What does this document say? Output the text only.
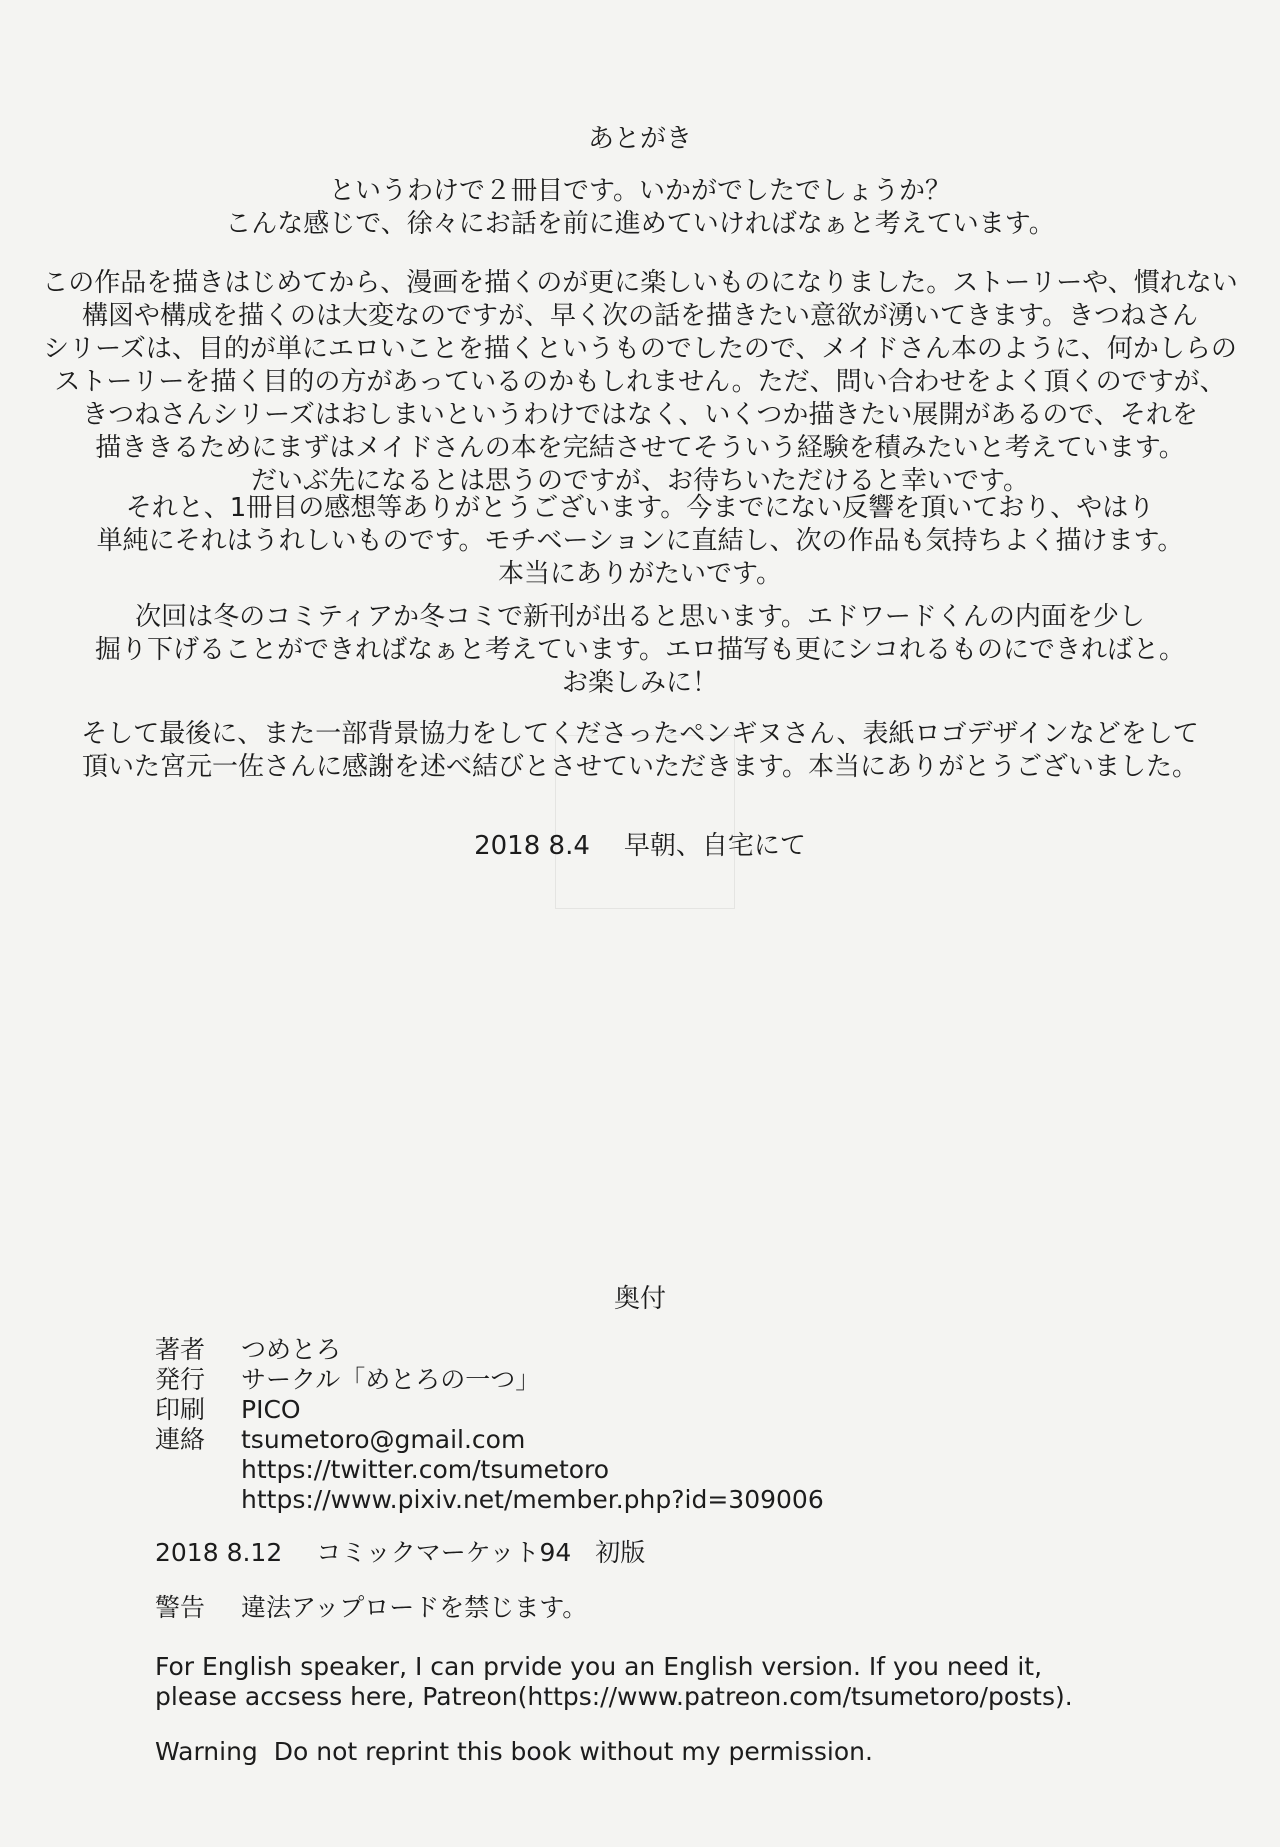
あとがき
というわけで２冊目です。いかがでしたでしょうか？
こんな感じで、徐々にお話を前に進めていければなぁと考えています。
この作品を描きはじめてから、漫画を描くのが更に楽しいものになりました。ストーリーや、慣れない
構図や構成を描くのは大変なのですが、早く次の話を描きたい意欲が湧いてきます。きつねさん
シリーズは、目的が単にエロいことを描くというものでしたので、メイドさん本のように、何かしらの
ストーリーを描く目的の方があっているのかもしれません。ただ、問い合わせをよく頂くのですが、
きつねさんシリーズはおしまいというわけではなく、いくつか描きたい展開があるので、それを
描ききるためにまずはメイドさんの本を完結させてそういう経験を積みたいと考えています。
だいぶ先になるとは思うのですが、お待ちいただけると幸いです。
それと、1冊目の感想等ありがとうございます。今までにない反響を頂いており、やはり
単純にそれはうれしいものです。モチベーションに直結し、次の作品も気持ちよく描けます。
本当にありがたいです。
次回は冬のコミティアか冬コミで新刊が出ると思います。エドワードくんの内面を少し
掘り下げることができればなぁと考えています。エロ描写も更にシコれるものにできればと。
お楽しみに！
そして最後に、また一部背景協力をしてくださったペンギヌさん、表紙ロゴデザインなどをして
頂いた宮元一佐さんに感謝を述べ結びとさせていただきます。本当にありがとうございました。
2018 8.4 早朝、自宅にて
奥付
著者	つめとろ
発行	サークル「めとろの一つ」
印刷	PICO
連絡	tsumetoro@gmail.com
https://twitter.com/tsumetoro
https://www.pixiv.net/member.php?id=309006
2018 8.12 コミックマーケット94 初版
警告 違法アップロードを禁じます。
For English speaker, I can prvide you an English version. If you need it,
please accsess here, Patreon(https://www.patreon.com/tsumetoro/posts).
Warning Do not reprint this book without my permission.
